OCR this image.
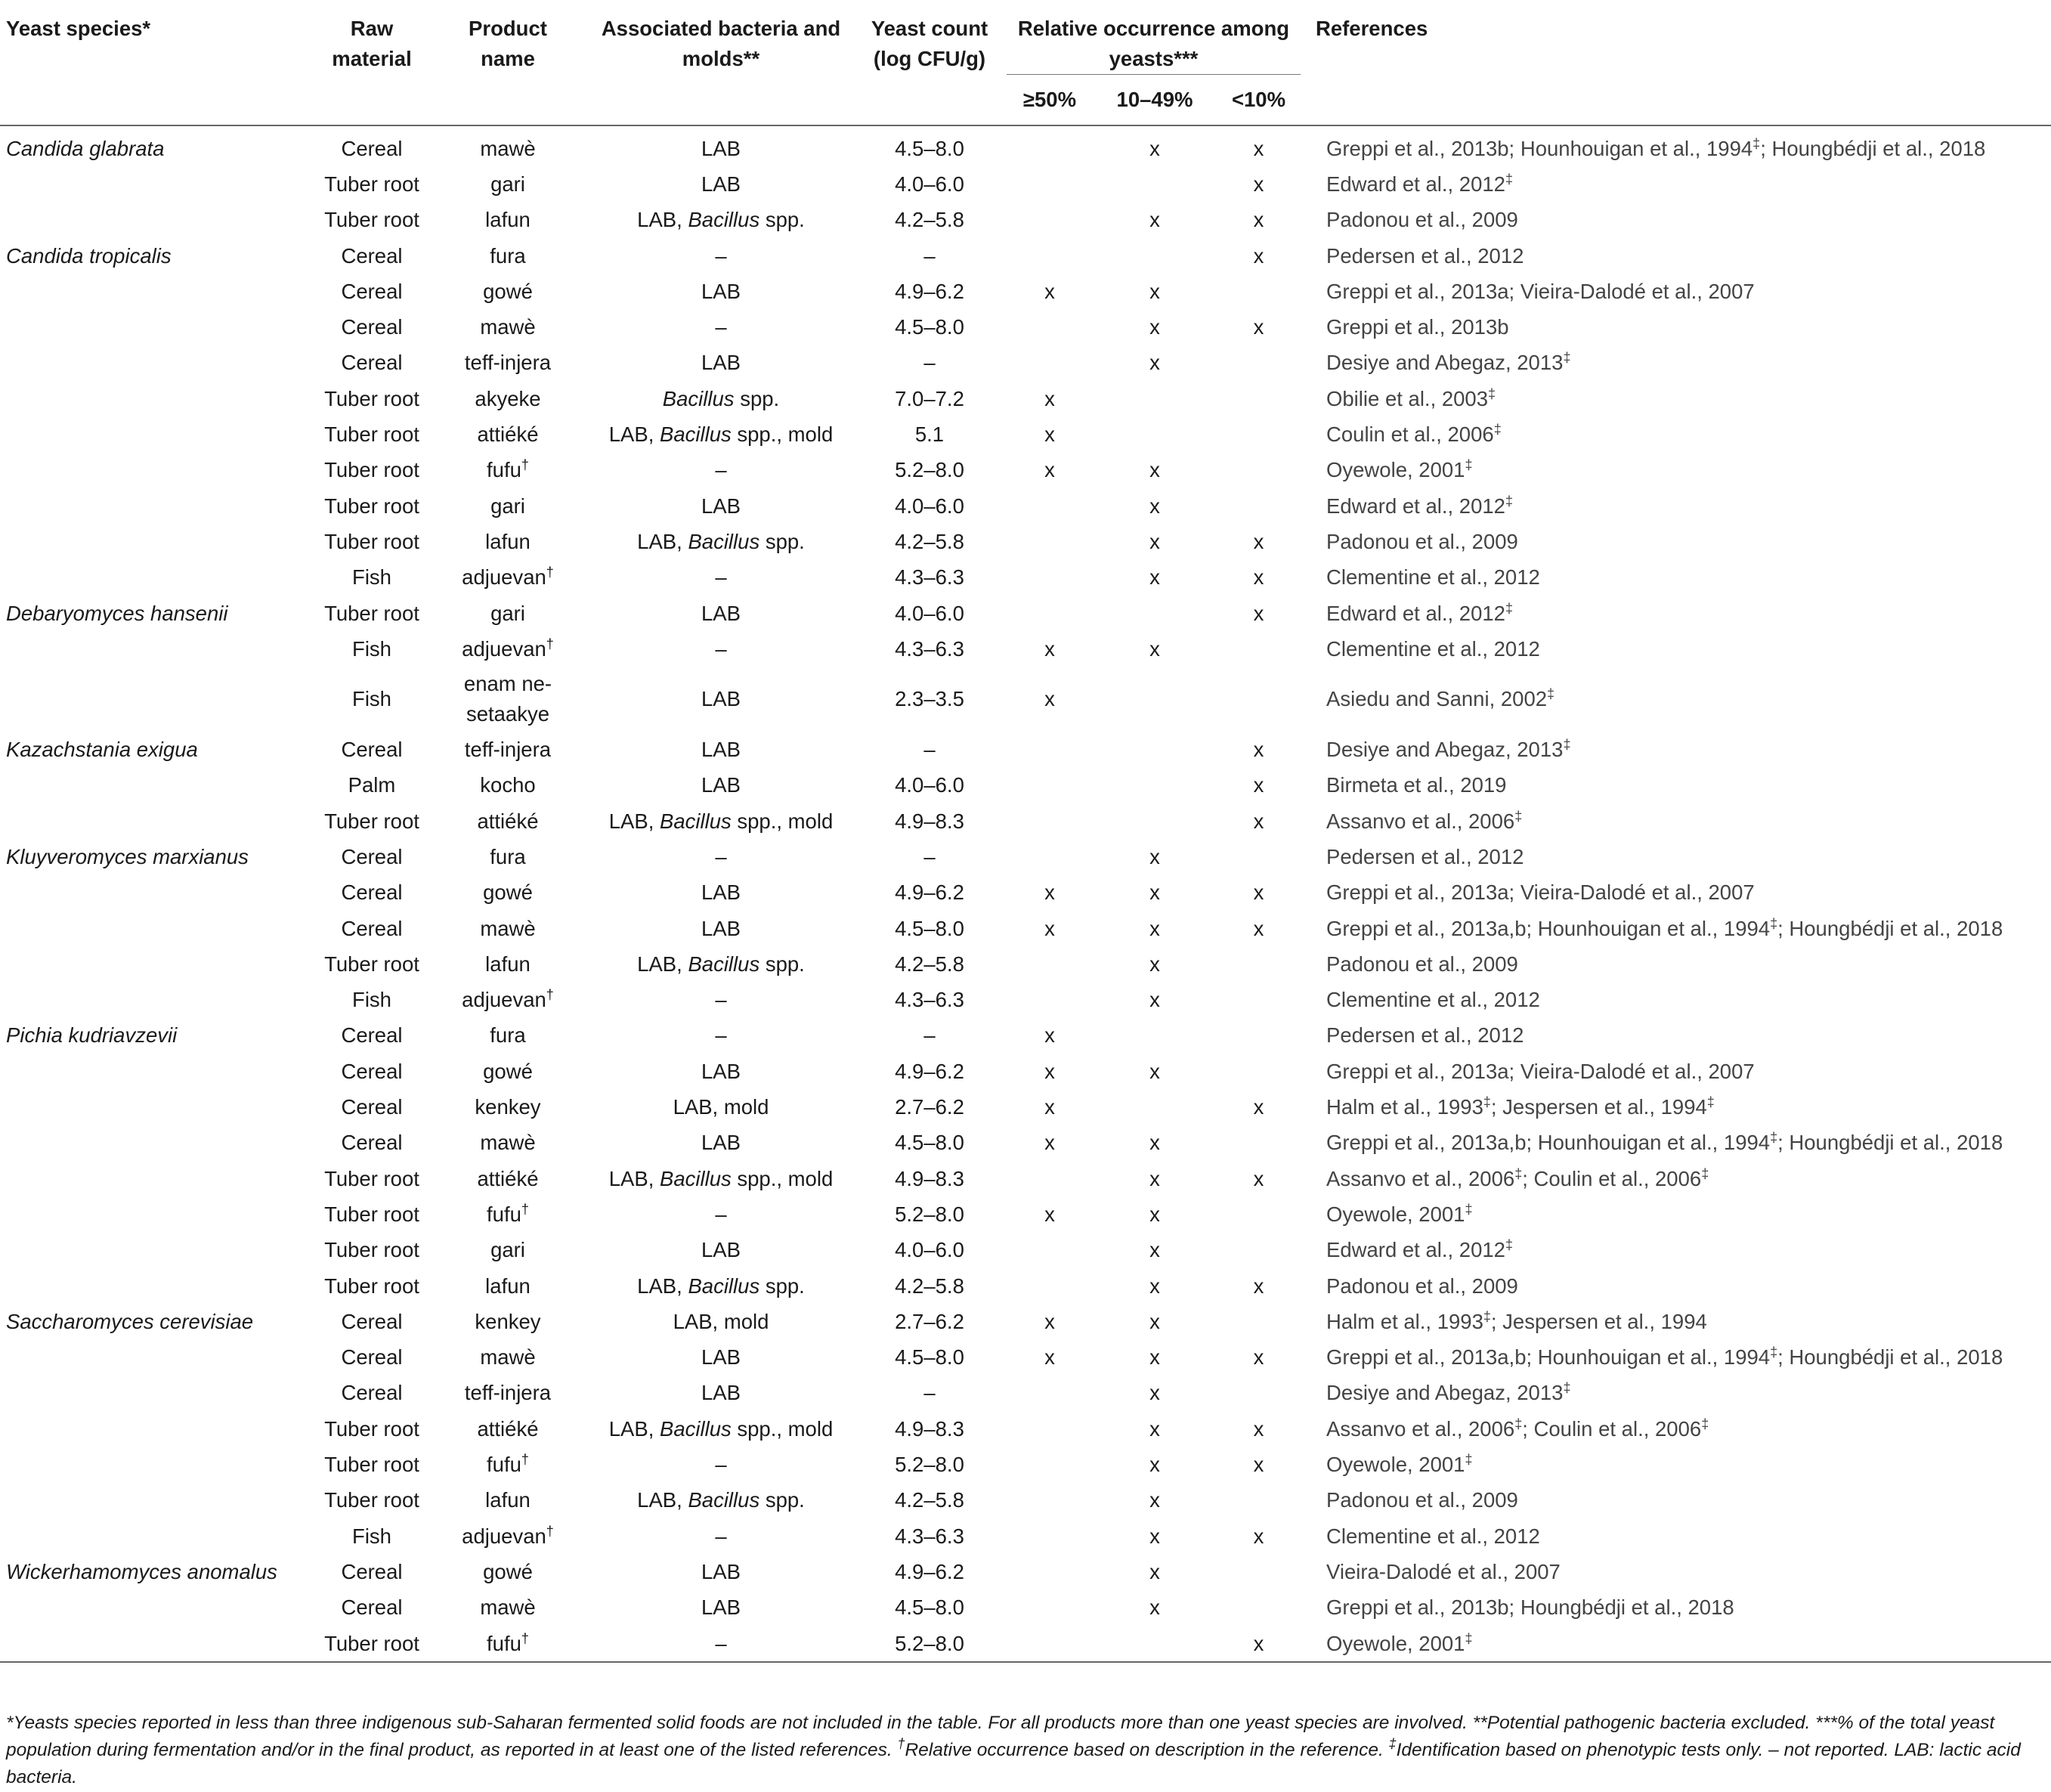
Yeast species*	Raw material	Product name	Associated bacteria and molds**	Yeast count (log CFU/g)	Relative occurrence among yeasts***			References
					≥50%	10–49%	<10%	
Candida glabrata	Cereal	mawè	LAB	4.5–8.0		x	x	Greppi et al., 2013b; Hounhouigan et al., 1994‡; Houngbédji et al., 2018
	Tuber root	gari	LAB	4.0–6.0			x	Edward et al., 2012‡
	Tuber root	lafun	LAB, Bacillus spp.	4.2–5.8		x	x	Padonou et al., 2009
Candida tropicalis	Cereal	fura	–	–			x	Pedersen et al., 2012
	Cereal	gowé	LAB	4.9–6.2	x	x		Greppi et al., 2013a; Vieira-Dalodé et al., 2007
	Cereal	mawè	–	4.5–8.0		x	x	Greppi et al., 2013b
	Cereal	teff-injera	LAB	–		x		Desiye and Abegaz, 2013‡
	Tuber root	akyeke	Bacillus spp.	7.0–7.2	x			Obilie et al., 2003‡
	Tuber root	attiéké	LAB, Bacillus spp., mold	5.1	x			Coulin et al., 2006‡
	Tuber root	fufu†	–	5.2–8.0	x	x		Oyewole, 2001‡
	Tuber root	gari	LAB	4.0–6.0		x		Edward et al., 2012‡
	Tuber root	lafun	LAB, Bacillus spp.	4.2–5.8		x	x	Padonou et al., 2009
	Fish	adjuevan†	–	4.3–6.3		x	x	Clementine et al., 2012
Debaryomyces hansenii	Tuber root	gari	LAB	4.0–6.0			x	Edward et al., 2012‡
	Fish	adjuevan†	–	4.3–6.3	x	x		Clementine et al., 2012
	Fish	enam ne-setaakye	LAB	2.3–3.5	x			Asiedu and Sanni, 2002‡
Kazachstania exigua	Cereal	teff-injera	LAB	–			x	Desiye and Abegaz, 2013‡
	Palm	kocho	LAB	4.0–6.0			x	Birmeta et al., 2019
	Tuber root	attiéké	LAB, Bacillus spp., mold	4.9–8.3			x	Assanvo et al., 2006‡
Kluyveromyces marxianus	Cereal	fura	–	–		x		Pedersen et al., 2012
	Cereal	gowé	LAB	4.9–6.2	x	x	x	Greppi et al., 2013a; Vieira-Dalodé et al., 2007
	Cereal	mawè	LAB	4.5–8.0	x	x	x	Greppi et al., 2013a,b; Hounhouigan et al., 1994‡; Houngbédji et al., 2018
	Tuber root	lafun	LAB, Bacillus spp.	4.2–5.8		x		Padonou et al., 2009
	Fish	adjuevan†	–	4.3–6.3		x		Clementine et al., 2012
Pichia kudriavzevii	Cereal	fura	–	–	x			Pedersen et al., 2012
	Cereal	gowé	LAB	4.9–6.2	x	x		Greppi et al., 2013a; Vieira-Dalodé et al., 2007
	Cereal	kenkey	LAB, mold	2.7–6.2	x		x	Halm et al., 1993‡; Jespersen et al., 1994‡
	Cereal	mawè	LAB	4.5–8.0	x	x		Greppi et al., 2013a,b; Hounhouigan et al., 1994‡; Houngbédji et al., 2018
	Tuber root	attiéké	LAB, Bacillus spp., mold	4.9–8.3		x	x	Assanvo et al., 2006‡; Coulin et al., 2006‡
	Tuber root	fufu†	–	5.2–8.0	x	x		Oyewole, 2001‡
	Tuber root	gari	LAB	4.0–6.0		x		Edward et al., 2012‡
	Tuber root	lafun	LAB, Bacillus spp.	4.2–5.8		x	x	Padonou et al., 2009
Saccharomyces cerevisiae	Cereal	kenkey	LAB, mold	2.7–6.2	x	x		Halm et al., 1993‡; Jespersen et al., 1994
	Cereal	mawè	LAB	4.5–8.0	x	x	x	Greppi et al., 2013a,b; Hounhouigan et al., 1994‡; Houngbédji et al., 2018
	Cereal	teff-injera	LAB	–		x		Desiye and Abegaz, 2013‡
	Tuber root	attiéké	LAB, Bacillus spp., mold	4.9–8.3		x	x	Assanvo et al., 2006‡; Coulin et al., 2006‡
	Tuber root	fufu†	–	5.2–8.0		x	x	Oyewole, 2001‡
	Tuber root	lafun	LAB, Bacillus spp.	4.2–5.8		x		Padonou et al., 2009
	Fish	adjuevan†	–	4.3–6.3		x	x	Clementine et al., 2012
Wickerhamomyces anomalus	Cereal	gowé	LAB	4.9–6.2		x		Vieira-Dalodé et al., 2007
	Cereal	mawè	LAB	4.5–8.0		x		Greppi et al., 2013b; Houngbédji et al., 2018
	Tuber root	fufu†	–	5.2–8.0			x	Oyewole, 2001‡
*Yeasts species reported in less than three indigenous sub-Saharan fermented solid foods are not included in the table. For all products more than one yeast species are involved. **Potential pathogenic bacteria excluded. ***% of the total yeast population during fermentation and/or in the final product, as reported in at least one of the listed references. †Relative occurrence based on description in the reference. ‡Identification based on phenotypic tests only. – not reported. LAB: lactic acid bacteria.
